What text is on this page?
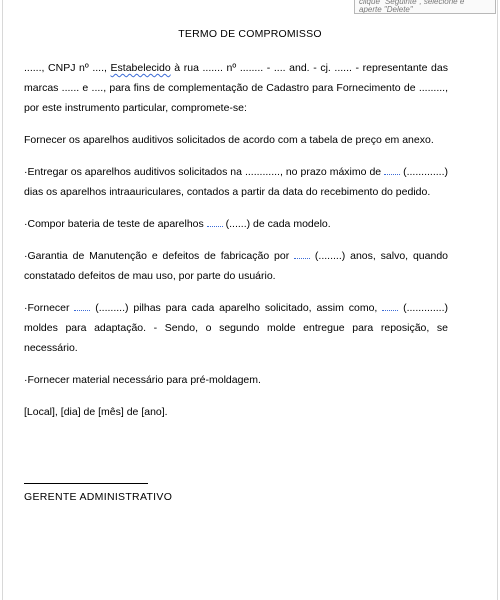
clique "Seguinte", selecione e
aperte "Delete"
TERMO DE COMPROMISSO

......, CNPJ nº ...., Estabelecido à rua ....... nº ........ - .... and. - cj. ...... - representante das marcas ...... e ...., para fins de complementação de Cadastro para Fornecimento de ........., por este instrumento particular, compromete-se:

Fornecer os aparelhos auditivos solicitados de acordo com a tabela de preço em anexo.

·Entregar os aparelhos auditivos solicitados na ............, no prazo máximo de  (.............) dias os aparelhos intraauriculares, contados a partir da data do recebimento do pedido.

·Compor bateria de teste de aparelhos  (......) de cada modelo.

·Garantia de Manutenção e defeitos de fabricação por  (........) anos, salvo, quando constatado defeitos de mau uso, por parte do usuário.

·Fornecer  (.........) pilhas para cada aparelho solicitado, assim como,  (.............) moldes para adaptação. - Sendo, o segundo molde entregue para reposição, se necessário.

·Fornecer material necessário para pré-moldagem.

[Local], [dia] de [mês] de [ano].

GERENTE ADMINISTRATIVO
